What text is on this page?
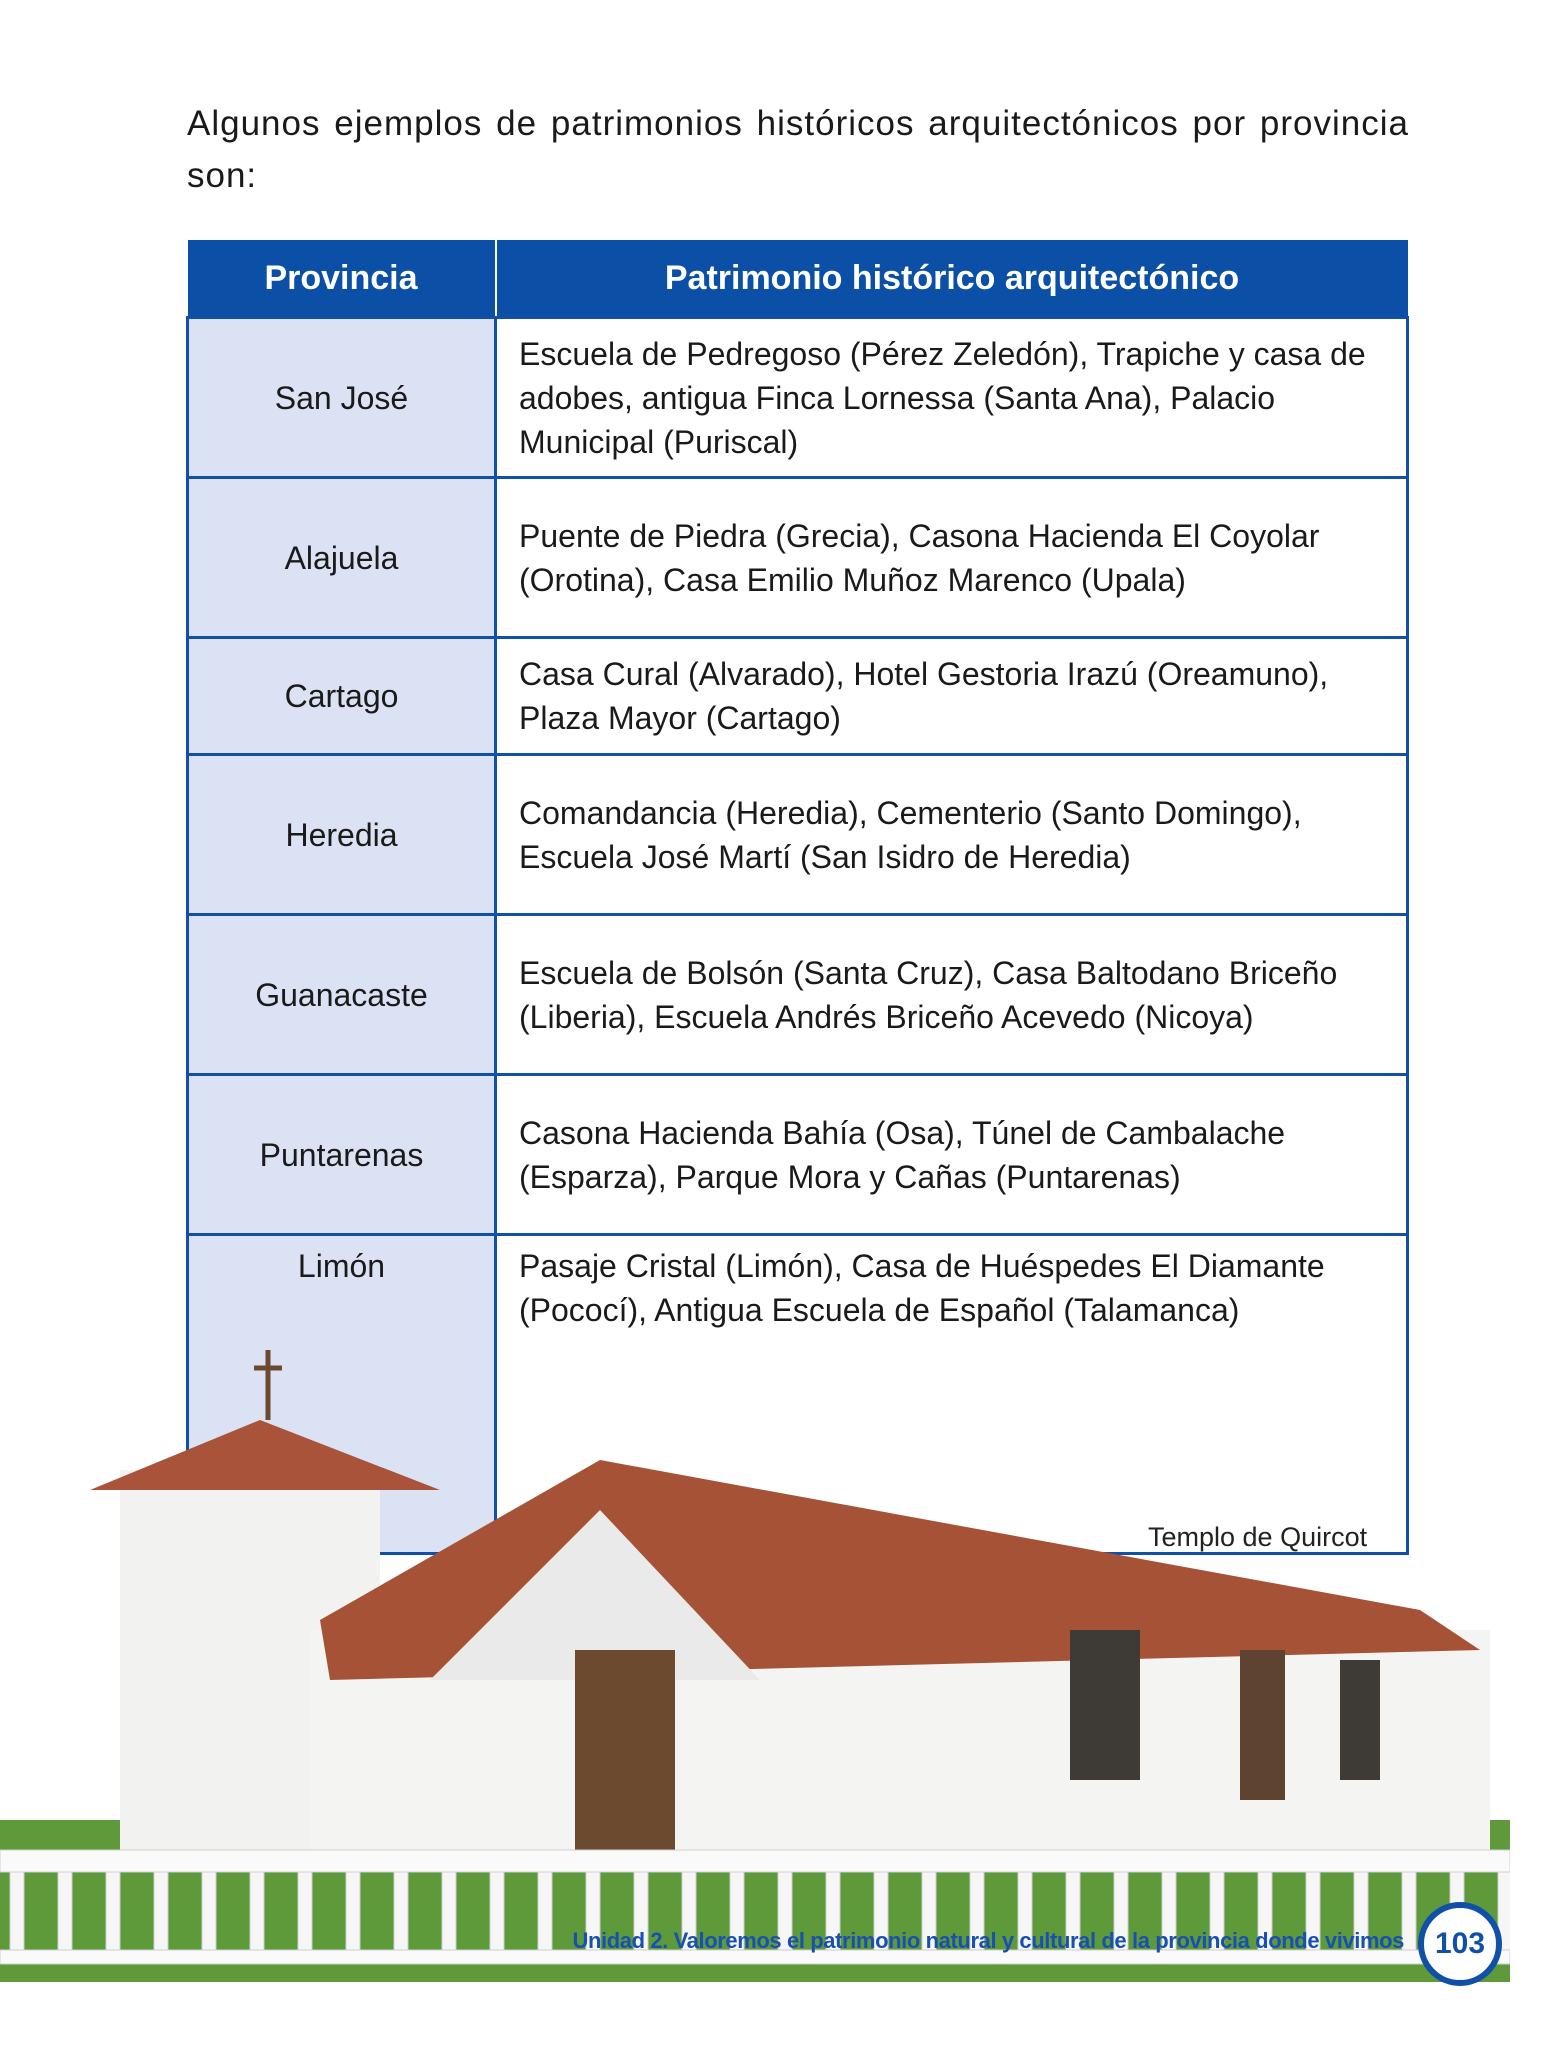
Algunos ejemplos de patrimonios históricos arquitectónicos por provincia son:

Provincia	Patrimonio histórico arquitectónico
San José	Escuela de Pedregoso (Pérez Zeledón), Trapiche y casa de adobes, antigua Finca Lornessa (Santa Ana), Palacio Municipal (Puriscal)
Alajuela	Puente de Piedra (Grecia), Casona Hacienda El Coyolar (Orotina), Casa Emilio Muñoz Marenco (Upala)
Cartago	Casa Cural (Alvarado), Hotel Gestoria Irazú (Oreamuno), Plaza Mayor (Cartago)
Heredia	Comandancia (Heredia), Cementerio (Santo Domingo), Escuela José Martí (San Isidro de Heredia)
Guanacaste	Escuela de Bolsón (Santa Cruz), Casa Baltodano Briceño (Liberia), Escuela Andrés Briceño Acevedo (Nicoya)
Puntarenas	Casona Hacienda Bahía (Osa), Túnel de Cambalache (Esparza), Parque Mora y Cañas (Puntarenas)
Limón	Pasaje Cristal (Limón), Casa de Huéspedes El Diamante (Pococí), Antigua Escuela de Español (Talamanca)
Templo de Quircot
Unidad 2. Valoremos el patrimonio natural y cultural de la provincia donde vivimos	103
